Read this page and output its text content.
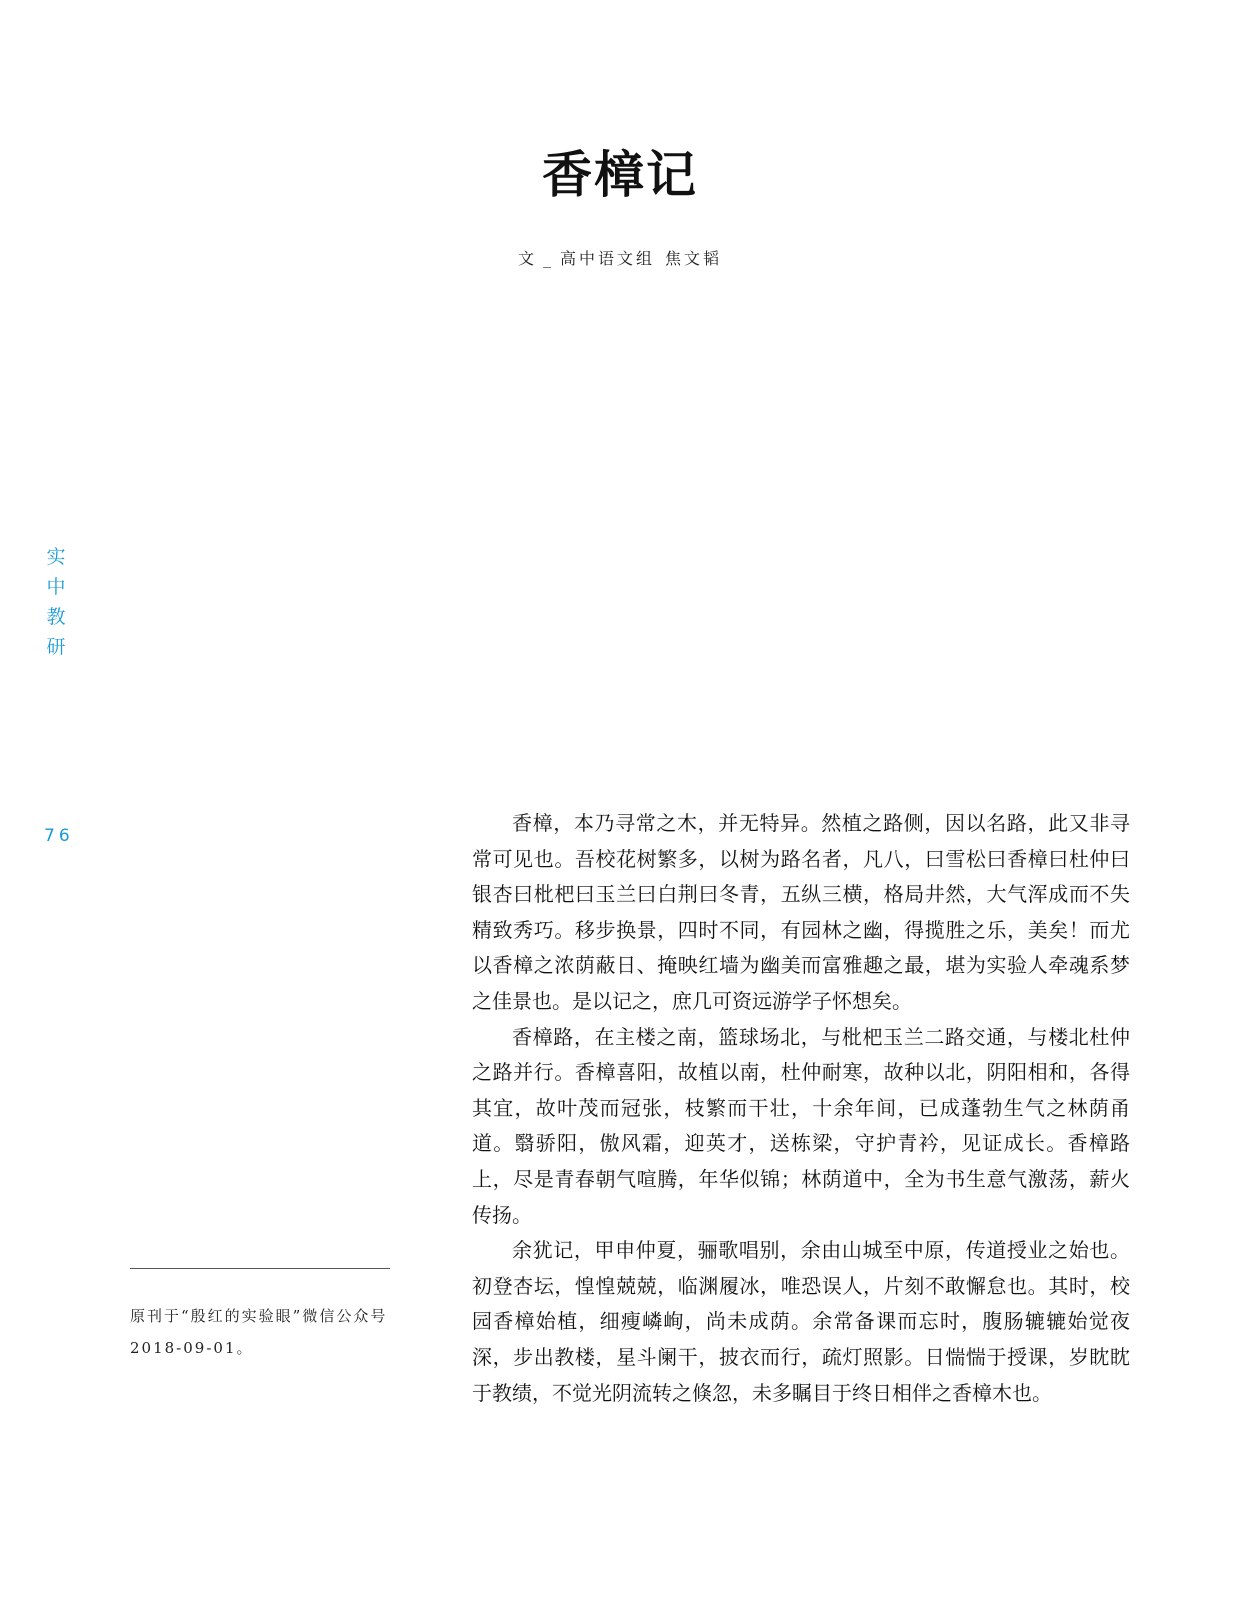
香樟记
文 _ 高中语文组 焦文韬
实
中
教
研
76
原刊于“殷红的实验眼”微信公众号 2018-09-01。

香樟，本乃寻常之木，并无特异。然植之路侧，因以名路，此又非寻常可见也。吾校花树繁多，以树为路名者，凡八，曰雪松曰香樟曰杜仲曰银杏曰枇杷曰玉兰曰白荆曰冬青，五纵三横，格局井然，大气浑成而不失精致秀巧。移步换景，四时不同，有园林之幽，得揽胜之乐，美矣！而尤以香樟之浓荫蔽日、掩映红墙为幽美而富雅趣之最，堪为实验人牵魂系梦之佳景也。是以记之，庶几可资远游学子怀想矣。

香樟路，在主楼之南，篮球场北，与枇杷玉兰二路交通，与楼北杜仲之路并行。香樟喜阳，故植以南，杜仲耐寒，故种以北，阴阳相和，各得其宜，故叶茂而冠张，枝繁而干壮，十余年间，已成蓬勃生气之林荫甬道。翳骄阳，傲风霜，迎英才，送栋梁，守护青衿，见证成长。香樟路上，尽是青春朝气喧腾，年华似锦；林荫道中，全为书生意气激荡，薪火传扬。

余犹记，甲申仲夏，骊歌唱别，余由山城至中原，传道授业之始也。初登杏坛，惶惶兢兢，临渊履冰，唯恐误人，片刻不敢懈怠也。其时，校园香樟始植，细瘦嶙峋，尚未成荫。余常备课而忘时，腹肠辘辘始觉夜深，步出教楼，星斗阑干，披衣而行，疏灯照影。日惴惴于授课，岁眈眈于教绩，不觉光阴流转之倏忽，未多瞩目于终日相伴之香樟木也。
